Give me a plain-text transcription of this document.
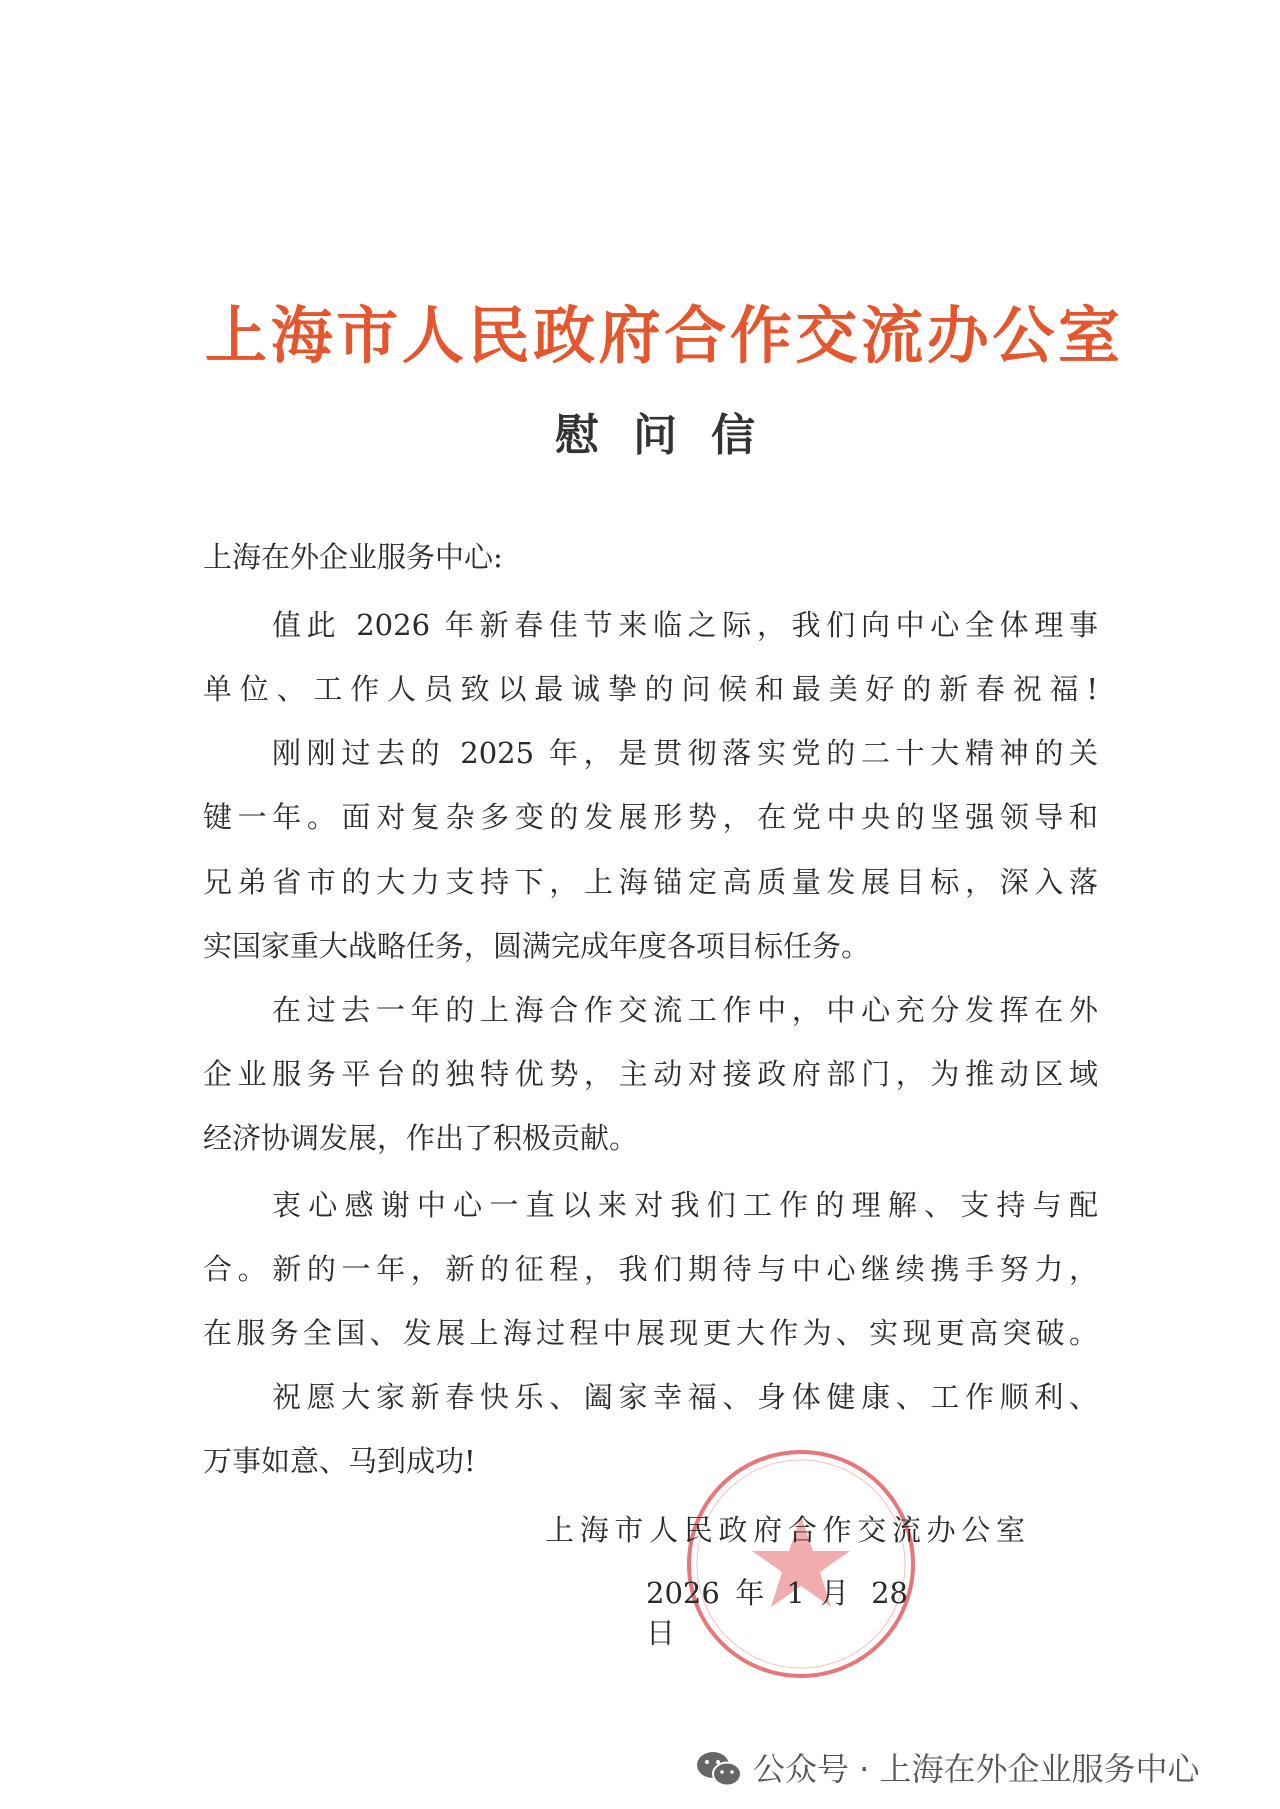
上海市人民政府合作交流办公室
慰 问 信
上海在外企业服务中心:
值此 2026 年新春佳节来临之际，我们向中心全体理事
单位、工作人员致以最诚挚的问候和最美好的新春祝福!
刚刚过去的 2025 年，是贯彻落实党的二十大精神的关
键一年。面对复杂多变的发展形势，在党中央的坚强领导和
兄弟省市的大力支持下，上海锚定高质量发展目标，深入落
实国家重大战略任务，圆满完成年度各项目标任务。
在过去一年的上海合作交流工作中，中心充分发挥在外
企业服务平台的独特优势，主动对接政府部门，为推动区域
经济协调发展，作出了积极贡献。
衷心感谢中心一直以来对我们工作的理解、支持与配
合。新的一年，新的征程，我们期待与中心继续携手努力，
在服务全国、发展上海过程中展现更大作为、实现更高突破。
祝愿大家新春快乐、阖家幸福、身体健康、工作顺利、
万事如意、马到成功!
上海市人民政府合作交流办公室
2026 年 1 月 28 日
公众号 · 上海在外企业服务中心
